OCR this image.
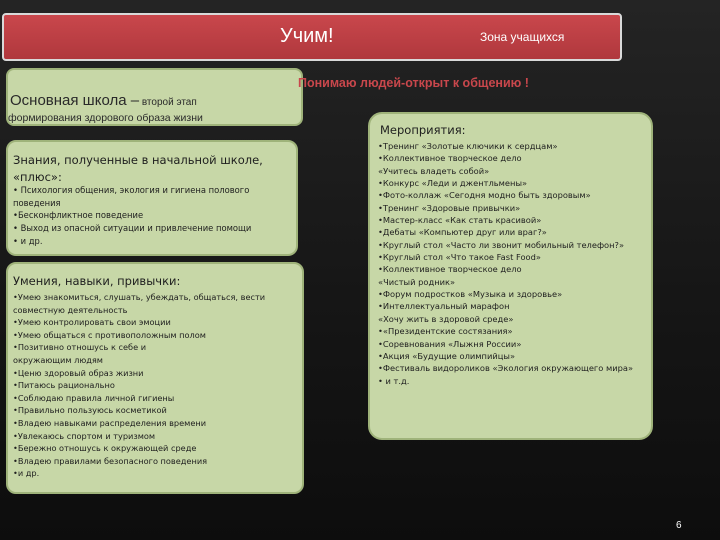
Учим!	Зона учащихся
Основная школа – второй этап
формирования здорового образа жизни
Понимаю людей-открыт к общению !
Знания, полученные в начальной школе, «плюс»:
• Психология общения, экология и гигиена полового поведения
•Бесконфликтное поведение
• Выход из опасной ситуации и привлечение помощи
• и др.
Умения, навыки, привычки:
•Умею знакомиться, слушать, убеждать, общаться, вести совместную деятельность
•Умею контролировать свои эмоции
•Умею общаться с противоположным полом
•Позитивно отношусь к себе и
окружающим людям
•Ценю здоровый образ жизни
•Питаюсь рационально
•Соблюдаю правила личной гигиены
•Правильно пользуюсь косметикой
•Владею навыками распределения времени
•Увлекаюсь спортом и туризмом
•Бережно отношусь к окружающей среде
•Владею правилами безопасного поведения
•и др.
Мероприятия:
•Тренинг «Золотые ключики к сердцам»
•Коллективное творческое дело
«Учитесь владеть собой»
•Конкурс «Леди и джентльмены»
•Фото-коллаж «Сегодня модно быть здоровым»
•Тренинг «Здоровые привычки»
•Мастер-класс «Как стать красивой»
•Дебаты «Компьютер друг или враг?»
•Круглый стол «Часто ли звонит мобильный телефон?»
•Круглый стол «Что такое Fast Food»
•Коллективное творческое дело
«Чистый родник»
•Форум подростков «Музыка и здоровье»
•Интеллектуальный марафон
«Хочу жить в здоровой среде»
•«Президентские состязания»
•Соревнования «Лыжня России»
•Акция «Будущие олимпийцы»
•Фестиваль видороликов «Экология окружающего мира»
• и т.д.
6
